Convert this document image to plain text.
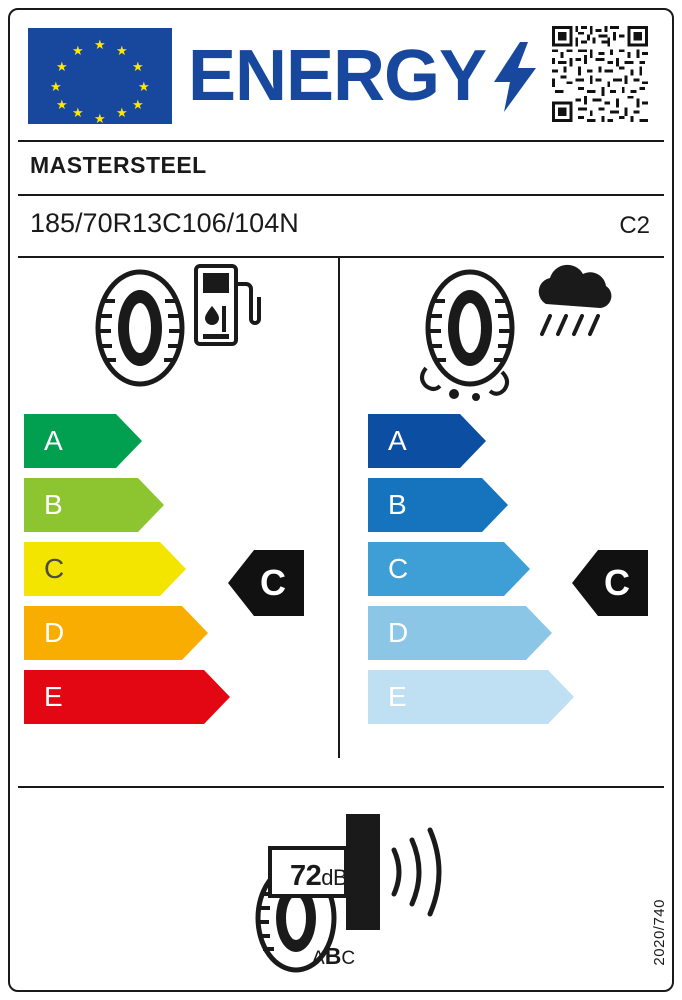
★
★ ★
★	★
★	★
★	★
★ ★
★
ENERGY
MASTERSTEEL
185/70R13C106/104N	C2
A
B
C
D
E
C
A
B
C
D
E
C
72dB
ABC	2020/740
